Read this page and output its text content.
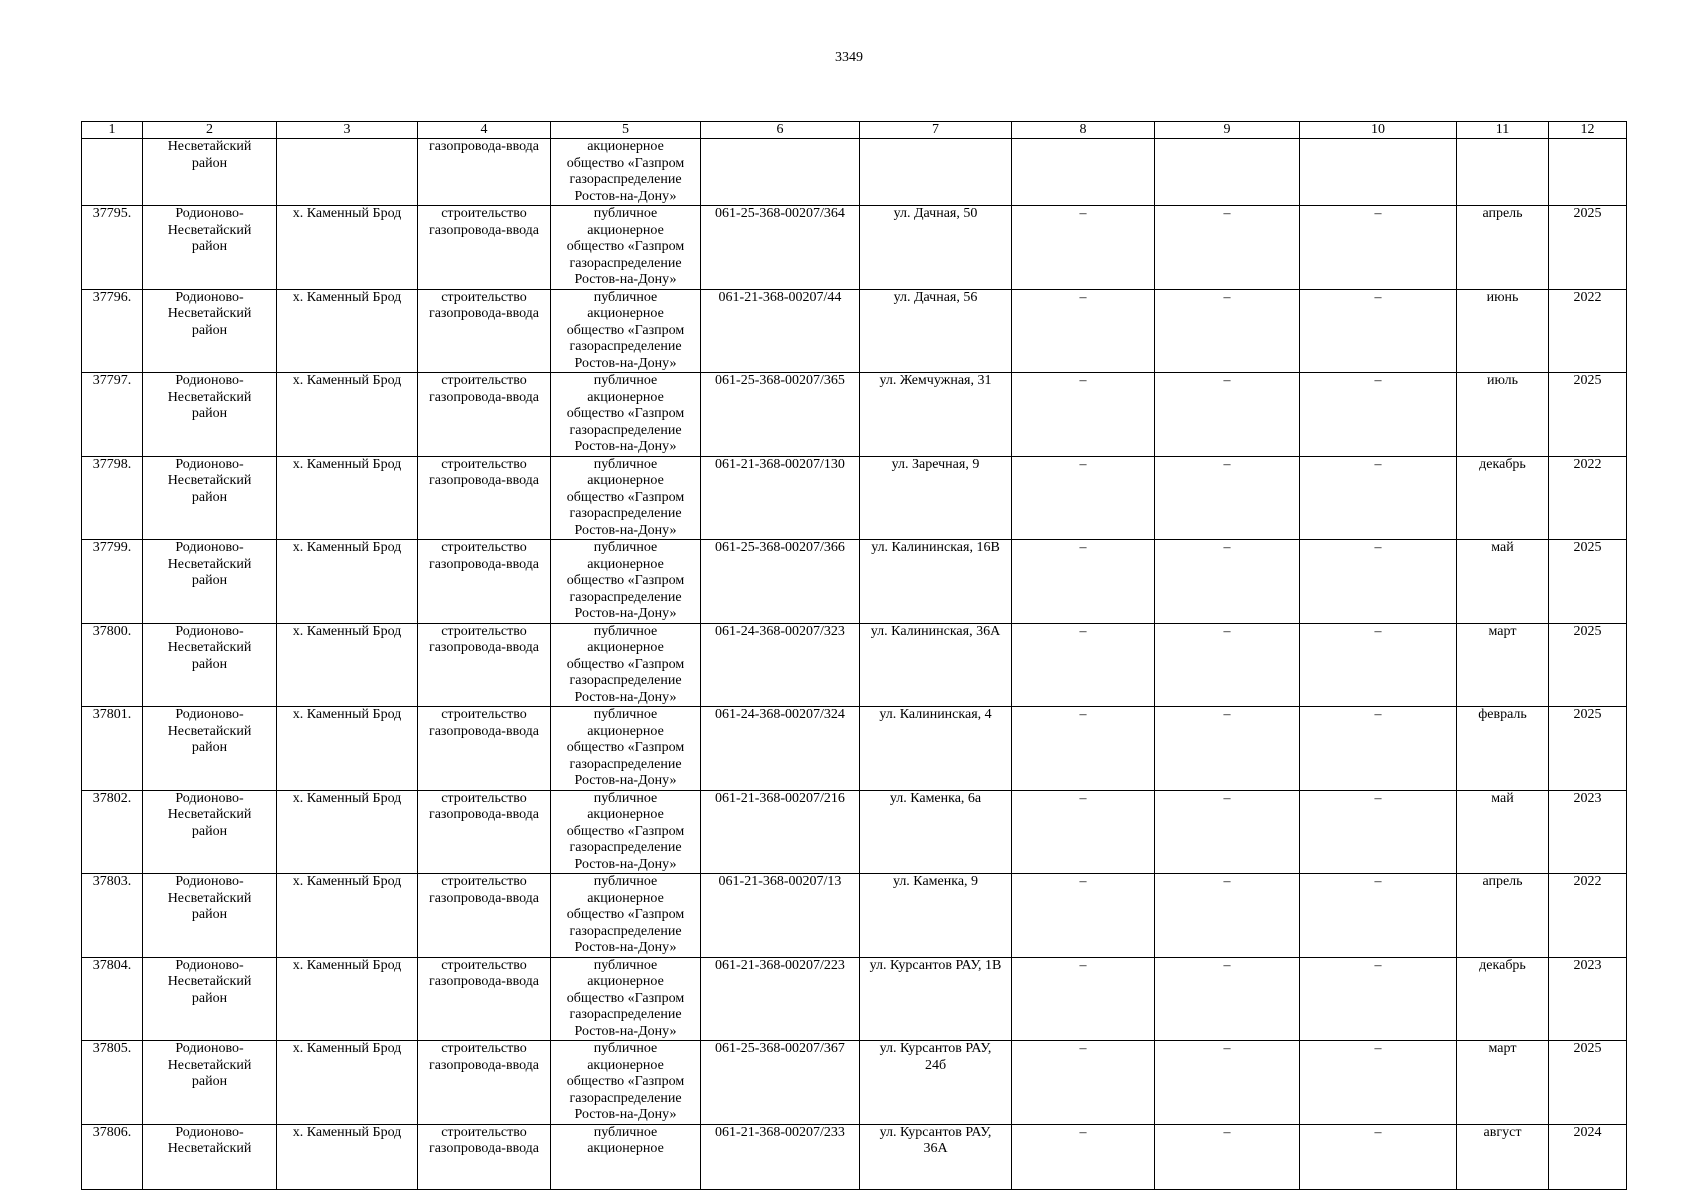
3349
1	2	3	4	5	6	7	8	9	10	11	12
	Несветайский
район		газопровода-ввода	акционерное
общество «Газпром
газораспределение
Ростов-на-Дону»							
37795.	Родионово-
Несветайский
район	х. Каменный Брод	строительство
газопровода-ввода	публичное
акционерное
общество «Газпром
газораспределение
Ростов-на-Дону»	061-25-368-00207/364	ул. Дачная, 50	–	–	–	апрель	2025
37796.	Родионово-
Несветайский
район	х. Каменный Брод	строительство
газопровода-ввода	публичное
акционерное
общество «Газпром
газораспределение
Ростов-на-Дону»	061-21-368-00207/44	ул. Дачная, 56	–	–	–	июнь	2022
37797.	Родионово-
Несветайский
район	х. Каменный Брод	строительство
газопровода-ввода	публичное
акционерное
общество «Газпром
газораспределение
Ростов-на-Дону»	061-25-368-00207/365	ул. Жемчужная, 31	–	–	–	июль	2025
37798.	Родионово-
Несветайский
район	х. Каменный Брод	строительство
газопровода-ввода	публичное
акционерное
общество «Газпром
газораспределение
Ростов-на-Дону»	061-21-368-00207/130	ул. Заречная, 9	–	–	–	декабрь	2022
37799.	Родионово-
Несветайский
район	х. Каменный Брод	строительство
газопровода-ввода	публичное
акционерное
общество «Газпром
газораспределение
Ростов-на-Дону»	061-25-368-00207/366	ул. Калининская, 16В	–	–	–	май	2025
37800.	Родионово-
Несветайский
район	х. Каменный Брод	строительство
газопровода-ввода	публичное
акционерное
общество «Газпром
газораспределение
Ростов-на-Дону»	061-24-368-00207/323	ул. Калининская, 36А	–	–	–	март	2025
37801.	Родионово-
Несветайский
район	х. Каменный Брод	строительство
газопровода-ввода	публичное
акционерное
общество «Газпром
газораспределение
Ростов-на-Дону»	061-24-368-00207/324	ул. Калининская, 4	–	–	–	февраль	2025
37802.	Родионово-
Несветайский
район	х. Каменный Брод	строительство
газопровода-ввода	публичное
акционерное
общество «Газпром
газораспределение
Ростов-на-Дону»	061-21-368-00207/216	ул. Каменка, 6а	–	–	–	май	2023
37803.	Родионово-
Несветайский
район	х. Каменный Брод	строительство
газопровода-ввода	публичное
акционерное
общество «Газпром
газораспределение
Ростов-на-Дону»	061-21-368-00207/13	ул. Каменка, 9	–	–	–	апрель	2022
37804.	Родионово-
Несветайский
район	х. Каменный Брод	строительство
газопровода-ввода	публичное
акционерное
общество «Газпром
газораспределение
Ростов-на-Дону»	061-21-368-00207/223	ул. Курсантов РАУ, 1В	–	–	–	декабрь	2023
37805.	Родионово-
Несветайский
район	х. Каменный Брод	строительство
газопровода-ввода	публичное
акционерное
общество «Газпром
газораспределение
Ростов-на-Дону»	061-25-368-00207/367	ул. Курсантов РАУ,
24б	–	–	–	март	2025
37806.	Родионово-
Несветайский	х. Каменный Брод	строительство
газопровода-ввода	публичное
акционерное	061-21-368-00207/233	ул. Курсантов РАУ,
36А	–	–	–	август	2024
